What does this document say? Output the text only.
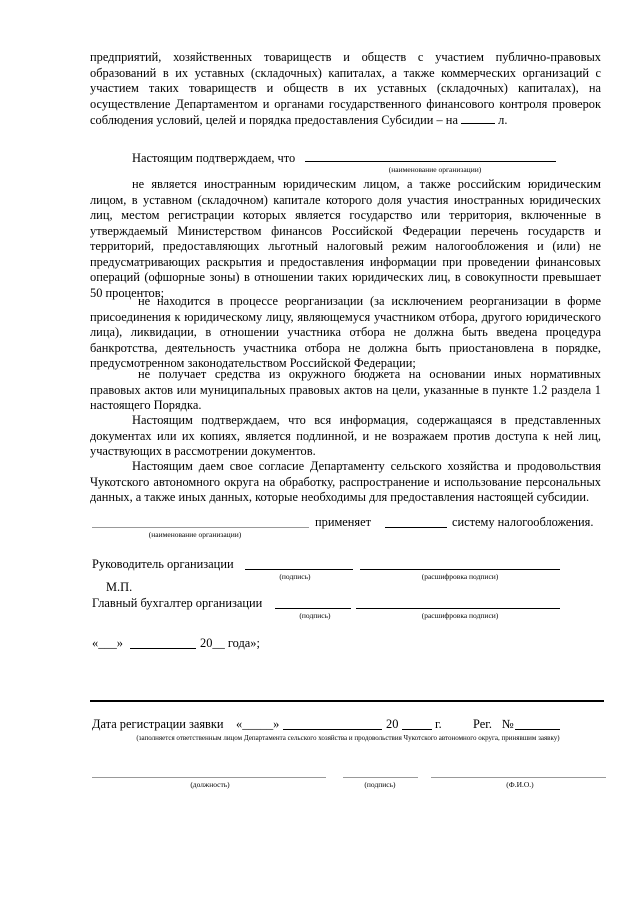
предприятий, хозяйственных товариществ и обществ с участием публично-правовых образований в их уставных (складочных) капиталах, а также коммерческих организаций с участием таких товариществ и обществ в их уставных (складочных) капиталах), на осуществление Департаментом и органами государственного финансового контроля проверок соблюдения условий, целей и порядка предоставления Субсидии – на	л.

Настоящим подтверждаем, что
(наименование организации)

не является иностранным юридическим лицом, а также российским юридическим лицом, в уставном (складочном) капитале которого доля участия иностранных юридических лиц, местом регистрации которых является государство или территория, включенные в утверждаемый Министерством финансов Российской Федерации перечень государств и территорий, предоставляющих льготный налоговый режим налогообложения и (или) не предусматривающих раскрытия и предоставления информации при проведении финансовых операций (офшорные зоны) в отношении таких юридических лиц, в совокупности превышает 50 процентов;

не находится в процессе реорганизации (за исключением реорганизации в форме присоединения к юридическому лицу, являющемуся участником отбора, другого юридического лица), ликвидации, в отношении участника отбора не должна быть введена процедура банкротства, деятельность участника отбора не должна быть приостановлена в порядке, предусмотренном законодательством Российской Федерации;

не получает средства из окружного бюджета на основании иных нормативных правовых актов или муниципальных правовых актов на цели, указанные в пункте 1.2 раздела 1 настоящего Порядка.

Настоящим подтверждаем, что вся информация, содержащаяся в представленных документах или их копиях, является подлинной, и не возражаем против доступа к ней лиц, участвующих в рассмотрении документов.

Настоящим даем свое согласие Департаменту сельского хозяйства и продовольствия Чукотского автономного округа на обработку, распространение и использование персональных данных, а также иных данных, которые необходимы для предоставления настоящей субсидии.

применяет	систему налогообложения.
(наименование организации)
Руководитель организации
(подпись)	(расшифровка подписи)
М.П.
Главный бухгалтер организации
(подпись)	(расшифровка подписи)
«___»	20__ года»;
Дата регистрации заявки «_____»	20	г.	Рег. №
(заполняется ответственным лицом Департамента сельского хозяйства и продовольствия Чукотского автономного округа, принявшим заявку)
(должность)	(подпись)	(Ф.И.О.)
